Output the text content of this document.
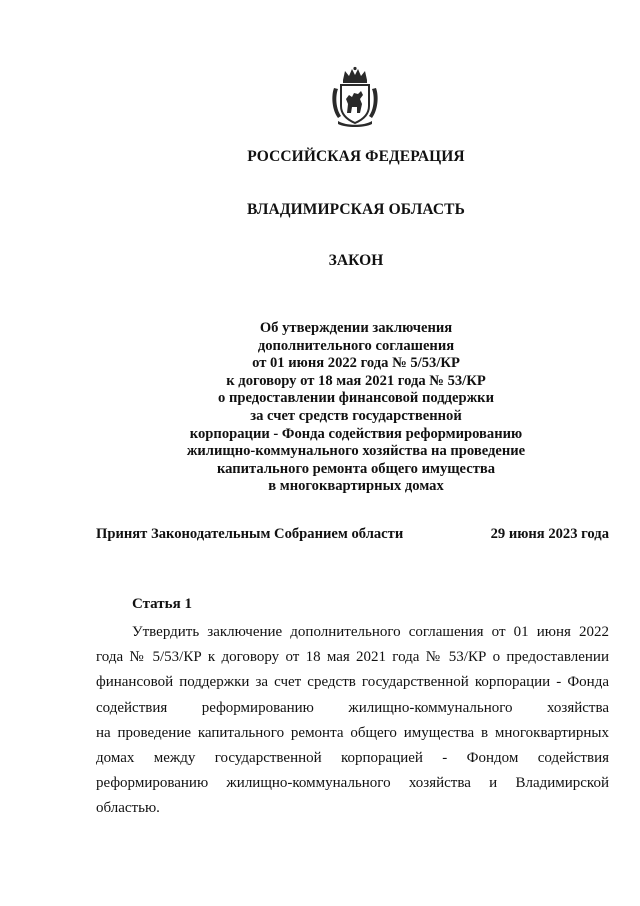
РОССИЙСКАЯ ФЕДЕРАЦИЯ
ВЛАДИМИРСКАЯ ОБЛАСТЬ
ЗАКОН
Об утверждении заключения
дополнительного соглашения
от 01 июня 2022 года № 5/53/КР
к договору от 18 мая 2021 года № 53/КР
о предоставлении финансовой поддержки
за счет средств государственной
корпорации - Фонда содействия реформированию
жилищно-коммунального хозяйства на проведение
капитального ремонта общего имущества
в многоквартирных домах
Принят Законодательным Собранием области	29 июня 2023 года
Статья 1
Утвердить заключение дополнительного соглашения от 01 июня 2022
года № 5/53/КР к договору от 18 мая 2021 года № 53/КР о предоставлении
финансовой поддержки за счет средств государственной корпорации - Фонда
содействия реформированию жилищно-коммунального хозяйства
на проведение капитального ремонта общего имущества в многоквартирных
домах между государственной корпорацией - Фондом содействия
реформированию жилищно-коммунального хозяйства и Владимирской
областью.
